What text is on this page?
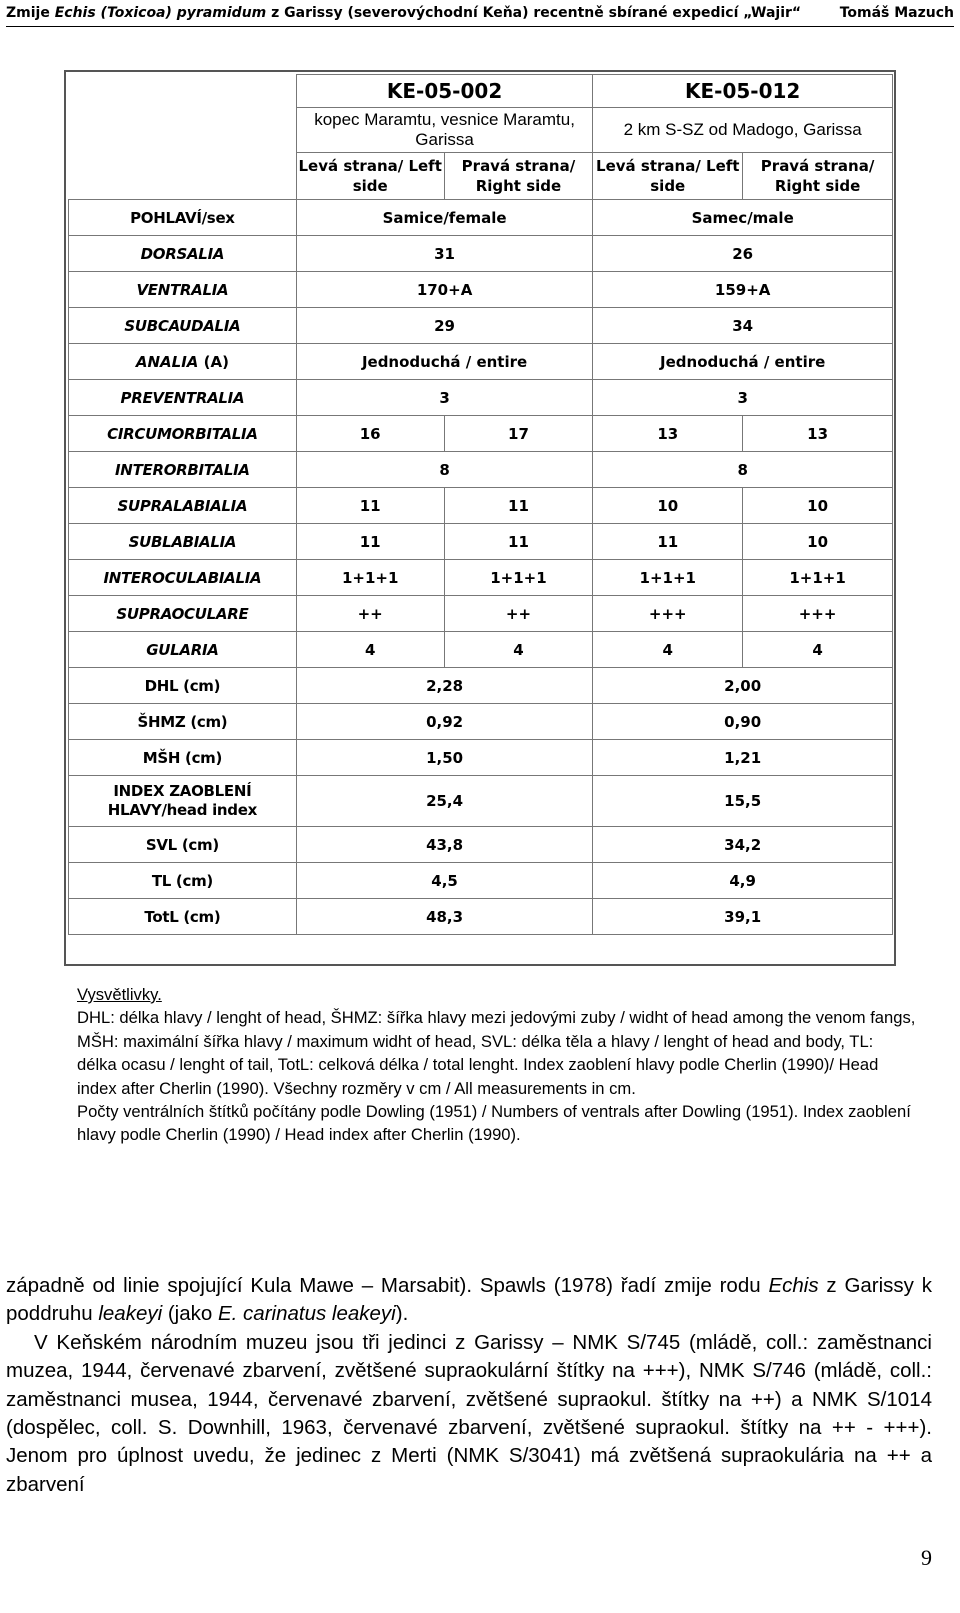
Zmije Echis (Toxicoa) pyramidum z Garissy (severovýchodní Keňa) recentně sbírané expedicí „Wajir“	Tomáš Mazuch
	KE-05-002		KE-05-012	
	kopec Maramtu, vesnice Maramtu, Garissa		2 km S-SZ od Madogo, Garissa	
	Levá strana/ Left side	Pravá strana/ Right side	Levá strana/ Left side	Pravá strana/ Right side
POHLAVÍ/sex	Samice/female		Samec/male	
DORSALIA	31		26	
VENTRALIA	170+A		159+A	
SUBCAUDALIA	29		34	
ANALIA (A)	Jednoduchá / entire		Jednoduchá / entire	
PREVENTRALIA	3		3	
CIRCUMORBITALIA	16	17	13	13
INTERORBITALIA	8		8	
SUPRALABIALIA	11	11	10	10
SUBLABIALIA	11	11	11	10
INTEROCULABIALIA	1+1+1	1+1+1	1+1+1	1+1+1
SUPRAOCULARE	++	++	+++	+++
GULARIA	4	4	4	4
DHL (cm)	2,28		2,00	
ŠHMZ (cm)	0,92		0,90	
MŠH (cm)	1,50		1,21	
INDEX ZAOBLENÍ HLAVY/head index	25,4		15,5	
SVL (cm)	43,8		34,2	
TL (cm)	4,5		4,9	
TotL (cm)	48,3		39,1	

Vysvětlivky.

DHL: délka hlavy / lenght of head, ŠHMZ: šířka hlavy mezi jedovými zuby / widht of head among the venom fangs, MŠH: maximální šířka hlavy / maximum widht of head, SVL: délka těla a hlavy / lenght of head and body, TL: délka ocasu / lenght of tail, TotL: celková délka / total lenght. Index zaoblení hlavy podle Cherlin (1990)/ Head index after Cherlin (1990). Všechny rozměry v cm / All measurements in cm.

Počty ventrálních štítků počítány podle Dowling (1951) / Numbers of ventrals after Dowling (1951). Index zaoblení hlavy podle Cherlin (1990) / Head index after Cherlin (1990).

západně od linie spojující Kula Mawe – Marsabit). Spawls (1978) řadí zmije rodu Echis z Garissy k poddruhu leakeyi (jako E. carinatus leakeyi).

V Keňském národním muzeu jsou tři jedinci z Garissy – NMK S/745 (mládě, coll.: zaměstnanci muzea, 1944, červenavé zbarvení, zvětšené supraokulární štítky na +++), NMK S/746 (mládě, coll.: zaměstnanci musea, 1944, červenavé zbarvení, zvětšené supraokul. štítky na ++) a NMK S/1014 (dospělec, coll. S. Downhill, 1963, červenavé zbarvení, zvětšené supraokul. štítky na ++ - +++). Jenom pro úplnost uvedu, že jedinec z Merti (NMK S/3041) má zvětšená supraokulária na ++ a zbarvení

9
